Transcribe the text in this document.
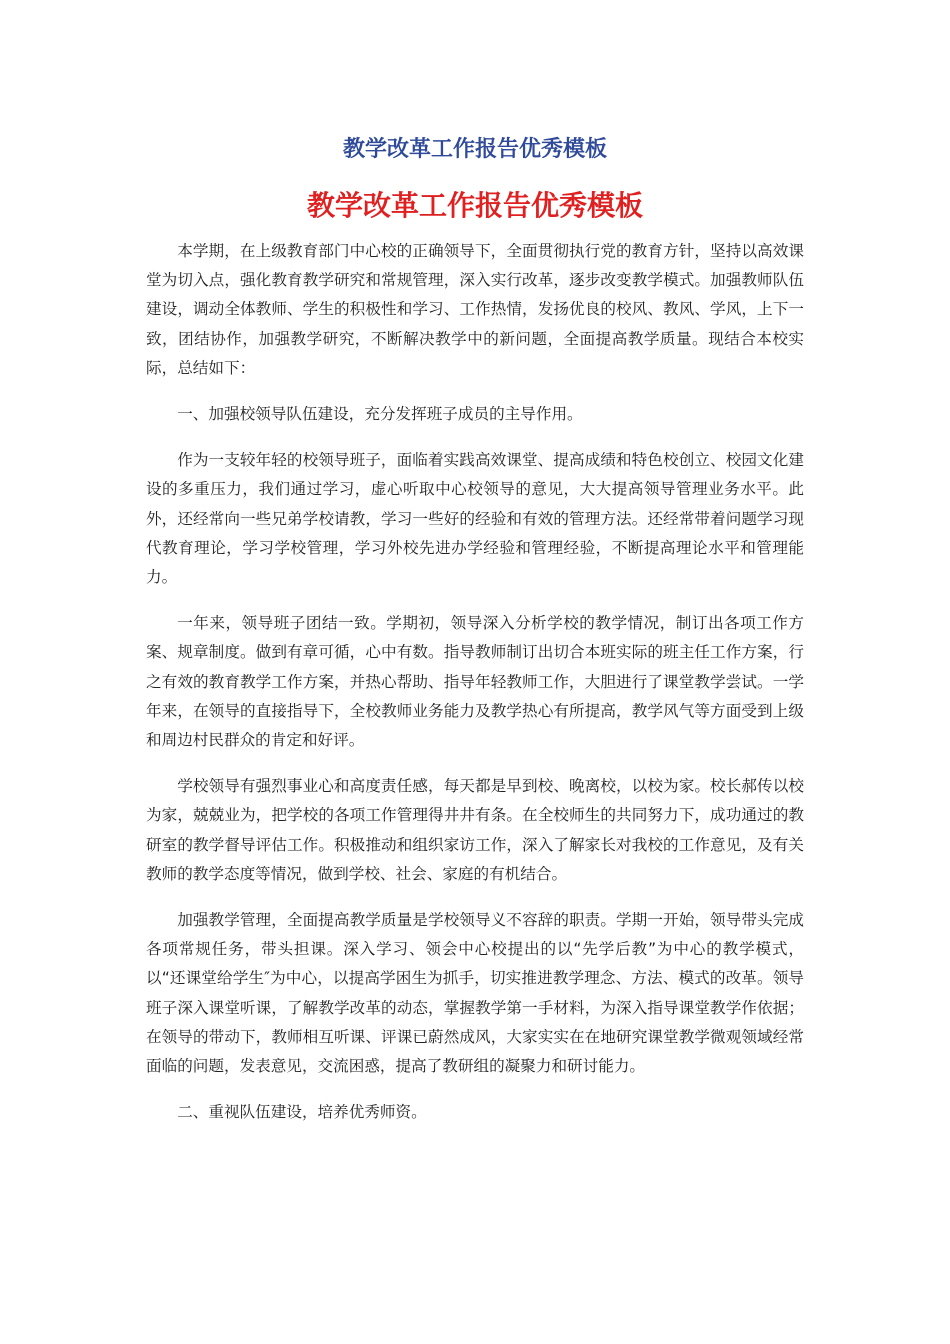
教学改革工作报告优秀模板
教学改革工作报告优秀模板

本学期，在上级教育部门中心校的正确领导下，全面贯彻执行党的教育方针，坚持以高效课堂为切入点，强化教育教学研究和常规管理，深入实行改革，逐步改变教学模式。加强教师队伍建设，调动全体教师、学生的积极性和学习、工作热情，发扬优良的校风、教风、学风，上下一致，团结协作，加强教学研究，不断解决教学中的新问题，全面提高教学质量。现结合本校实际，总结如下：

一、加强校领导队伍建设，充分发挥班子成员的主导作用。

作为一支较年轻的校领导班子，面临着实践高效课堂、提高成绩和特色校创立、校园文化建设的多重压力，我们通过学习，虚心听取中心校领导的意见，大大提高领导管理业务水平。此外，还经常向一些兄弟学校请教，学习一些好的经验和有效的管理方法。还经常带着问题学习现代教育理论，学习学校管理，学习外校先进办学经验和管理经验，不断提高理论水平和管理能力。

一年来，领导班子团结一致。学期初，领导深入分析学校的教学情况，制订出各项工作方案、规章制度。做到有章可循，心中有数。指导教师制订出切合本班实际的班主任工作方案，行之有效的教育教学工作方案，并热心帮助、指导年轻教师工作，大胆进行了课堂教学尝试。一学年来，在领导的直接指导下，全校教师业务能力及教学热心有所提高，教学风气等方面受到上级和周边村民群众的肯定和好评。

学校领导有强烈事业心和高度责任感，每天都是早到校、晚离校，以校为家。校长郝传以校为家，兢兢业为，把学校的各项工作管理得井井有条。在全校师生的共同努力下，成功通过的教研室的教学督导评估工作。积极推动和组织家访工作，深入了解家长对我校的工作意见，及有关教师的教学态度等情况，做到学校、社会、家庭的有机结合。

加强教学管理，全面提高教学质量是学校领导义不容辞的职责。学期一开始，领导带头完成各项常规任务，带头担课。深入学习、领会中心校提出的以“先学后教”为中心的教学模式，以“还课堂给学生″为中心，以提高学困生为抓手，切实推进教学理念、方法、模式的改革。领导班子深入课堂听课，了解教学改革的动态，掌握教学第一手材料，为深入指导课堂教学作依据；在领导的带动下，教师相互听课、评课已蔚然成风，大家实实在在地研究课堂教学微观领域经常面临的问题，发表意见，交流困惑，提高了教研组的凝聚力和研讨能力。

二、重视队伍建设，培养优秀师资。
